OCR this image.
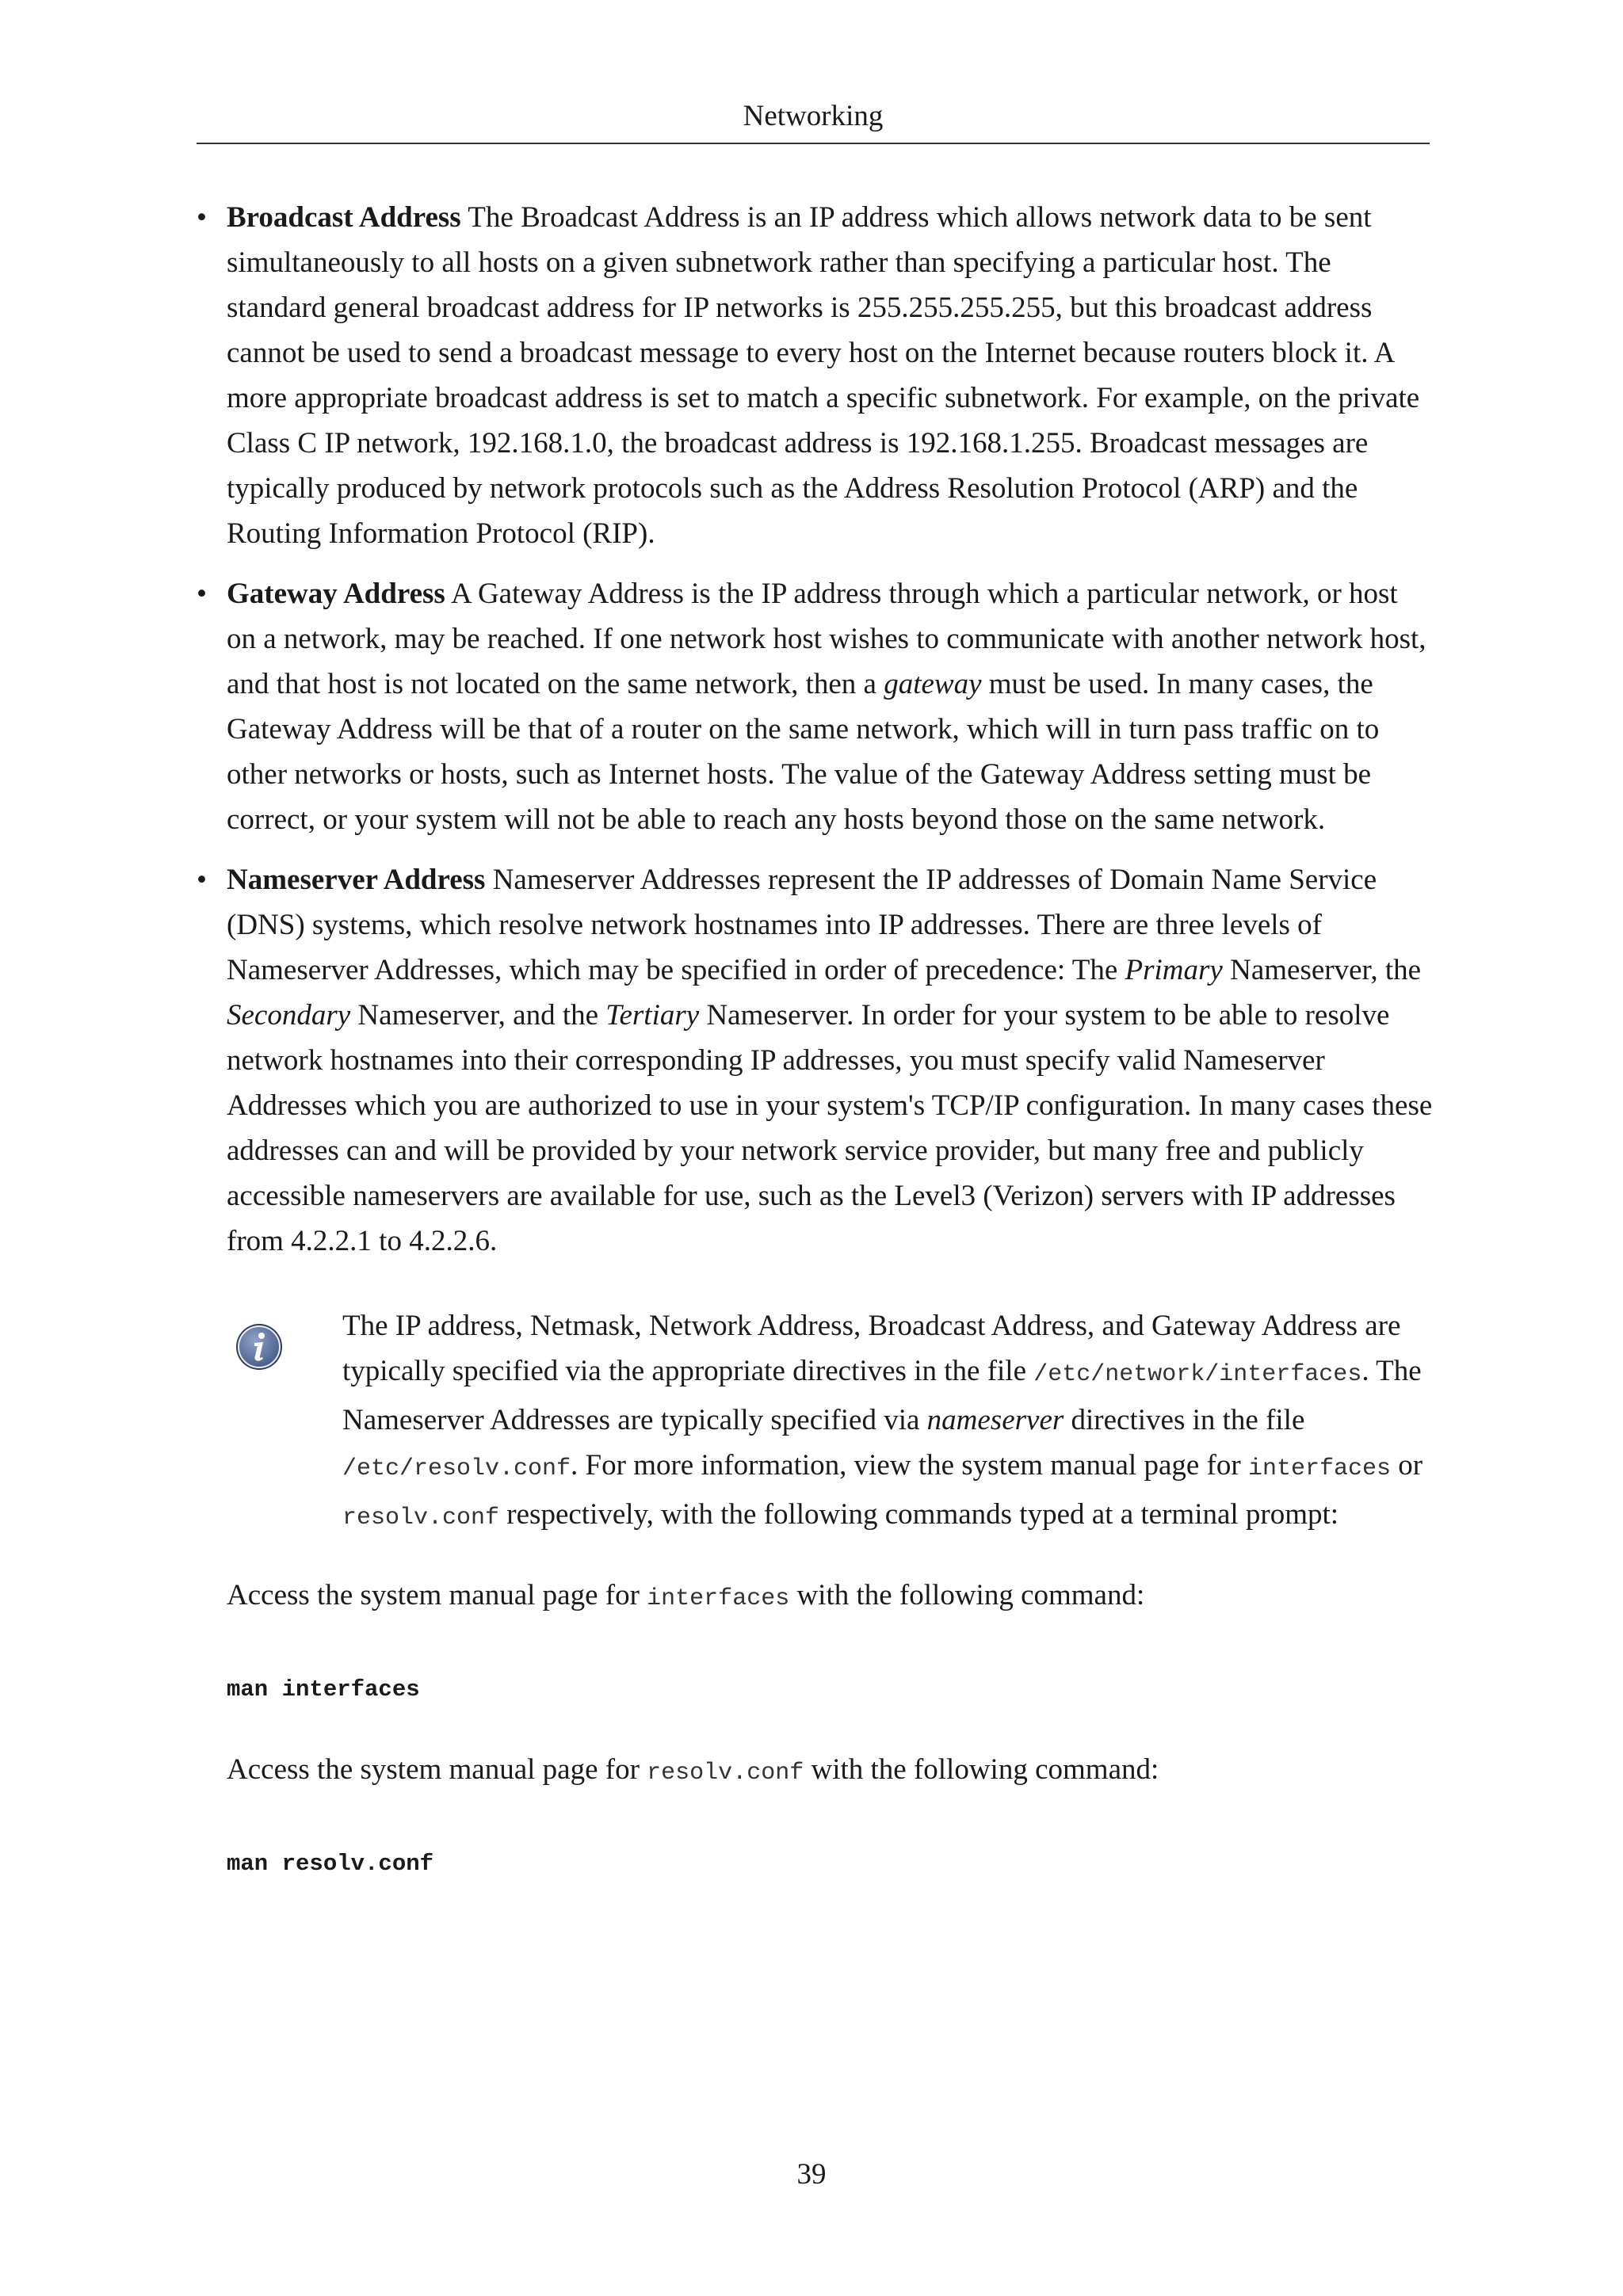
Networking
• Broadcast Address The Broadcast Address is an IP address which allows network data to be sent simultaneously to all hosts on a given subnetwork rather than specifying a particular host. The standard general broadcast address for IP networks is 255.255.255.255, but this broadcast address cannot be used to send a broadcast message to every host on the Internet because routers block it. A more appropriate broadcast address is set to match a specific subnetwork. For example, on the private Class C IP network, 192.168.1.0, the broadcast address is 192.168.1.255. Broadcast messages are typically produced by network protocols such as the Address Resolution Protocol (ARP) and the Routing Information Protocol (RIP).
• Gateway Address A Gateway Address is the IP address through which a particular network, or host on a network, may be reached. If one network host wishes to communicate with another network host, and that host is not located on the same network, then a gateway must be used. In many cases, the Gateway Address will be that of a router on the same network, which will in turn pass traffic on to other networks or hosts, such as Internet hosts. The value of the Gateway Address setting must be correct, or your system will not be able to reach any hosts beyond those on the same network.
• Nameserver Address Nameserver Addresses represent the IP addresses of Domain Name Service (DNS) systems, which resolve network hostnames into IP addresses. There are three levels of Nameserver Addresses, which may be specified in order of precedence: The Primary Nameserver, the Secondary Nameserver, and the Tertiary Nameserver. In order for your system to be able to resolve network hostnames into their corresponding IP addresses, you must specify valid Nameserver Addresses which you are authorized to use in your system's TCP/IP configuration. In many cases these addresses can and will be provided by your network service provider, but many free and publicly accessible nameservers are available for use, such as the Level3 (Verizon) servers with IP addresses from 4.2.2.1 to 4.2.2.6.
The IP address, Netmask, Network Address, Broadcast Address, and Gateway Address are typically specified via the appropriate directives in the file /etc/network/interfaces. The Nameserver Addresses are typically specified via nameserver directives in the file /etc/resolv.conf. For more information, view the system manual page for interfaces or resolv.conf respectively, with the following commands typed at a terminal prompt:

Access the system manual page for interfaces with the following command:

man interfaces

Access the system manual page for resolv.conf with the following command:

man resolv.conf
39
